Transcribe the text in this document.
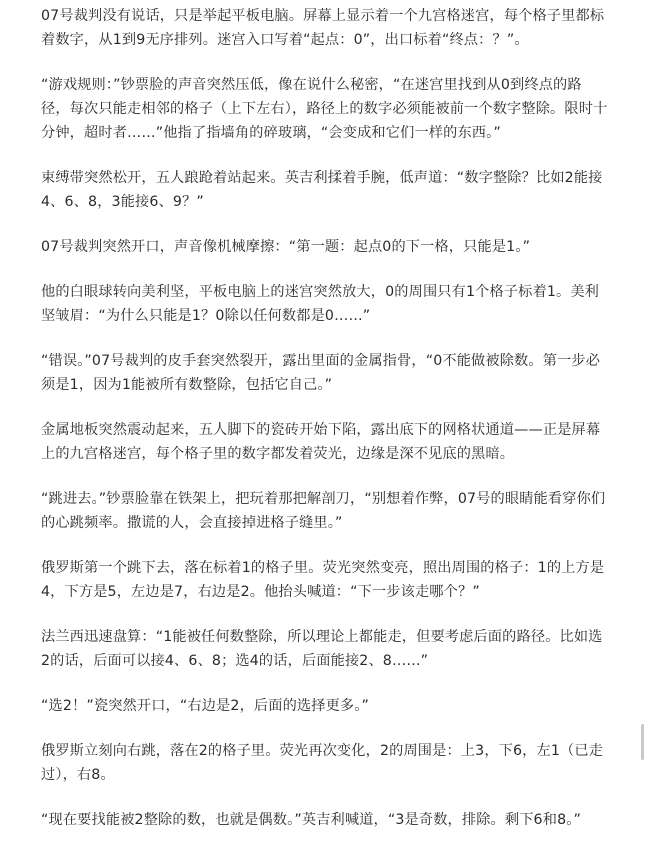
07号裁判没有说话，只是举起平板电脑。屏幕上显示着一个九宫格迷宫，每个格子里都标着数字，从1到9无序排列。迷宫入口写着“起点：0”，出口标着“终点：？”。

“游戏规则：”钞票脸的声音突然压低，像在说什么秘密，“在迷宫里找到从0到终点的路径，每次只能走相邻的格子（上下左右），路径上的数字必须能被前一个数字整除。限时十分钟，超时者……”他指了指墙角的碎玻璃，“会变成和它们一样的东西。”

束缚带突然松开，五人踉跄着站起来。英吉利揉着手腕，低声道：“数字整除？比如2能接4、6、8，3能接6、9？”

07号裁判突然开口，声音像机械摩擦：“第一题：起点0的下一格，只能是1。”

他的白眼球转向美利坚，平板电脑上的迷宫突然放大，0的周围只有1个格子标着1。美利坚皱眉：“为什么只能是1？0除以任何数都是0……”

“错误。”07号裁判的皮手套突然裂开，露出里面的金属指骨，“0不能做被除数。第一步必须是1，因为1能被所有数整除，包括它自己。”

金属地板突然震动起来，五人脚下的瓷砖开始下陷，露出底下的网格状通道——正是屏幕上的九宫格迷宫，每个格子里的数字都发着荧光，边缘是深不见底的黑暗。

“跳进去。”钞票脸靠在铁架上，把玩着那把解剖刀，“别想着作弊，07号的眼睛能看穿你们的心跳频率。撒谎的人，会直接掉进格子缝里。”

俄罗斯第一个跳下去，落在标着1的格子里。荧光突然变亮，照出周围的格子：1的上方是4，下方是5，左边是7，右边是2。他抬头喊道：“下一步该走哪个？”

法兰西迅速盘算：“1能被任何数整除，所以理论上都能走，但要考虑后面的路径。比如选2的话，后面可以接4、6、8；选4的话，后面能接2、8……”

“选2！”瓷突然开口，“右边是2，后面的选择更多。”

俄罗斯立刻向右跳，落在2的格子里。荧光再次变化，2的周围是：上3，下6，左1（已走过），右8。

“现在要找能被2整除的数，也就是偶数。”英吉利喊道，“3是奇数，排除。剩下6和8。”
